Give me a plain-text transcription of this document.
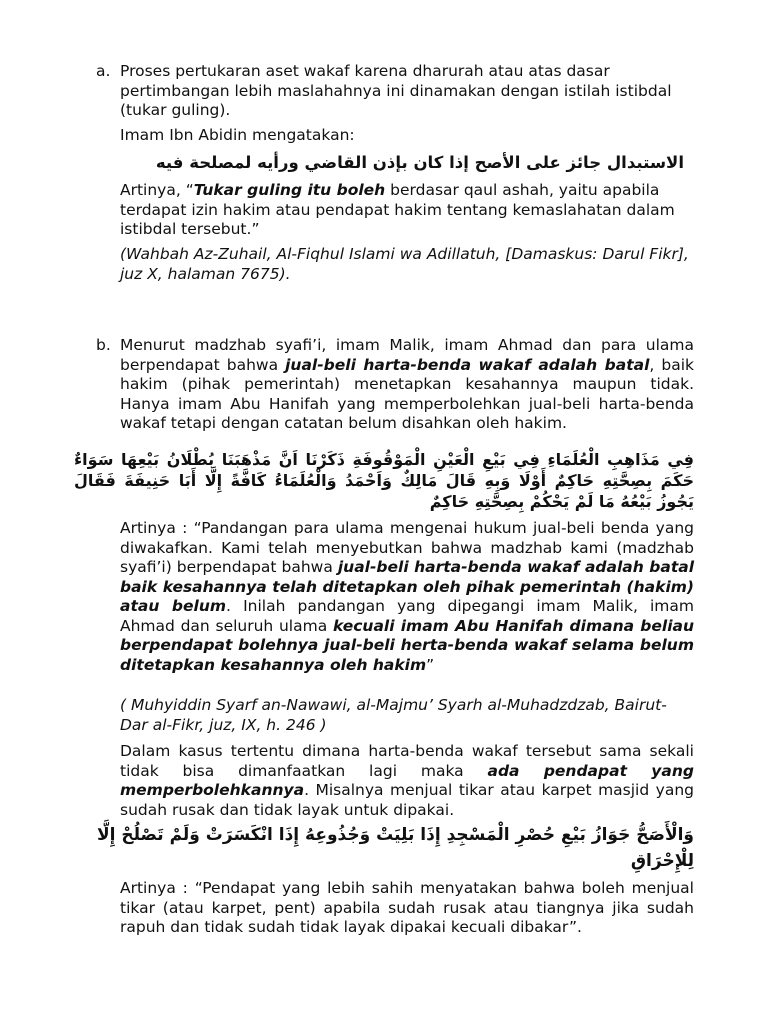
a. Proses pertukaran aset wakaf karena dharurah atau atas dasar pertimbangan lebih maslahahnya ini dinamakan dengan istilah istibdal (tukar guling).

Imam Ibn Abidin mengatakan:

الاستبدال جائز على الأصح إذا كان بإذن القاضي ورأيه لمصلحة فيه

Artinya, “Tukar guling itu boleh berdasar qaul ashah, yaitu apabila terdapat izin hakim atau pendapat hakim tentang kemaslahatan dalam istibdal tersebut.”

(Wahbah Az-Zuhail, Al-Fiqhul Islami wa Adillatuh, [Damaskus: Darul Fikr], juz X, halaman 7675).

b. Menurut madzhab syafi’i, imam Malik, imam Ahmad dan para ulama berpendapat bahwa jual-beli harta-benda wakaf adalah batal, baik hakim (pihak pemerintah) menetapkan kesahannya maupun tidak. Hanya imam Abu Hanifah yang memperbolehkan jual-beli harta-benda wakaf tetapi dengan catatan belum disahkan oleh hakim.

فِي مَذَاهِبِ الْعُلَمَاءِ فِي بَيْعِ الْعَيْنِ الْمَوْقُوفَةِ ذَكَرْنَا اَنَّ مَذْهَبَنَا بُطْلَانُ بَيْعِهَا سَوَاءٌ حَكَمَ بِصِحَّتِهِ حَاكِمٌ أَوْلَا وَبِهِ قَالَ مَالِكٌ وَاَحْمَدُ وَالْعُلَمَاءُ كَافَّةً إِلَّا أَبَا حَنِيفَةَ فَقَالَ يَجُوزُ بَيْعُهُ مَا لَمْ يَحْكُمْ بِصِحَّتِهِ حَاكِمٌ

Artinya : “Pandangan para ulama mengenai hukum jual-beli benda yang diwakafkan. Kami telah menyebutkan bahwa madzhab kami (madzhab syafi’i) berpendapat bahwa jual-beli harta-benda wakaf adalah batal baik kesahannya telah ditetapkan oleh pihak pemerintah (hakim) atau belum. Inilah pandangan yang dipegangi imam Malik, imam Ahmad dan seluruh ulama kecuali imam Abu Hanifah dimana beliau berpendapat bolehnya jual-beli herta-benda wakaf selama belum ditetapkan kesahannya oleh hakim”

( Muhyiddin Syarf an-Nawawi, al-Majmu’ Syarh al-Muhadzdzab, Bairut-Dar al-Fikr, juz, IX, h. 246 )

Dalam kasus tertentu dimana harta-benda wakaf tersebut sama sekali tidak bisa dimanfaatkan lagi maka ada pendapat yang memperbolehkannya. Misalnya menjual tikar atau karpet masjid yang sudah rusak dan tidak layak untuk dipakai.

وَالْأَصَحُّ جَوَازُ بَيْعِ حُصْرِ الْمَسْجِدِ إِذَا بَلِيَتْ وَجُذُوعِهُ إِذَا انْكَسَرَتْ وَلَمْ تَصْلُحْ إِلَّا لِلْإِحْرَاقِ

Artinya : “Pendapat yang lebih sahih menyatakan bahwa boleh menjual tikar (atau karpet, pent) apabila sudah rusak atau tiangnya jika sudah rapuh dan tidak sudah tidak layak dipakai kecuali dibakar”.
